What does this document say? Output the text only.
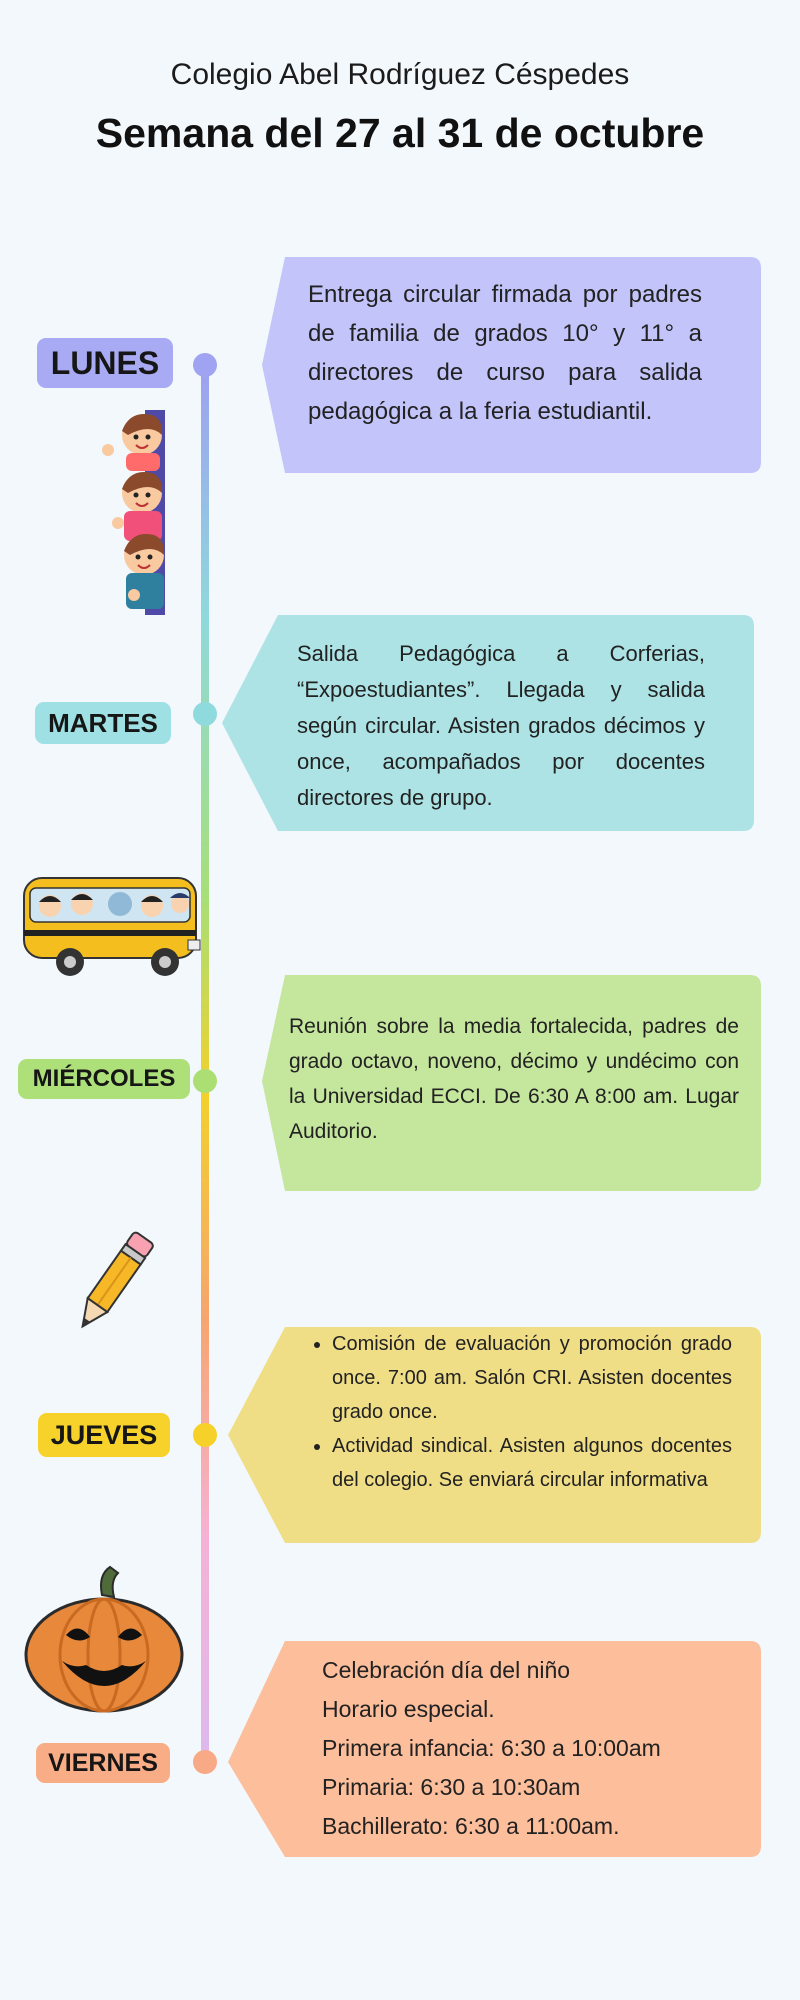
Colegio Abel Rodríguez Céspedes
Semana del 27 al 31 de octubre
LUNES
MARTES
MIÉRCOLES
JUEVES
VIERNES
Entrega circular firmada por padres de familia de grados 10° y 11° a directores de curso para salida pedagógica a la feria estudiantil.
Salida Pedagógica a Corferias, “Expoestudiantes”. Llegada y salida según circular. Asisten grados décimos y once, acompañados por docentes directores de grupo.
Reunión sobre la media fortalecida, padres de grado octavo, noveno, décimo y undécimo con la Universidad ECCI. De 6:30 A 8:00 am. Lugar Auditorio.
• Comisión de evaluación y promoción grado once. 7:00 am. Salón CRI. Asisten docentes grado once.
• Actividad sindical. Asisten algunos docentes del colegio. Se enviará circular informativa
Celebración día del niño
Horario especial.
Primera infancia: 6:30 a 10:00am
Primaria: 6:30 a 10:30am
Bachillerato: 6:30 a 11:00am.
